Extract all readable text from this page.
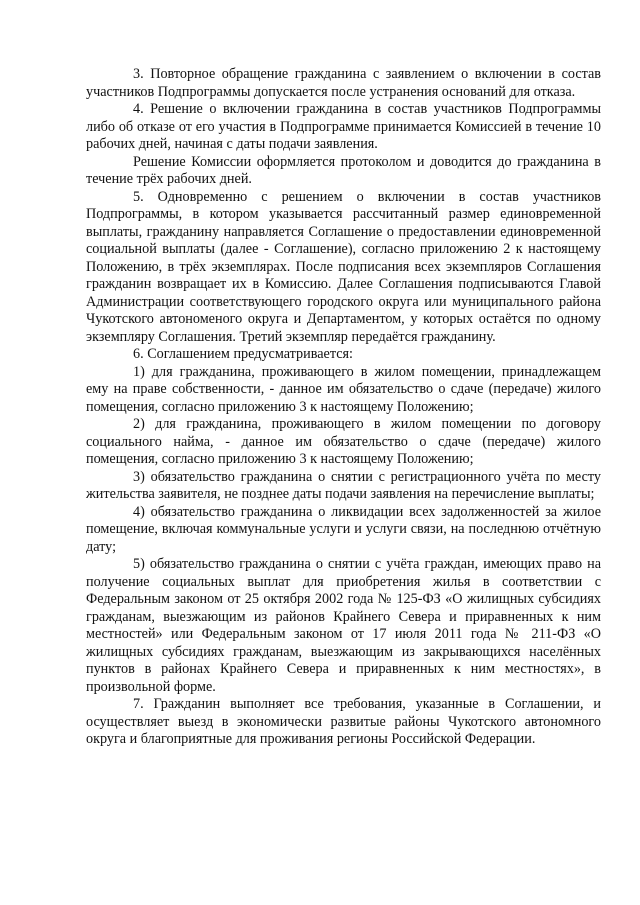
3. Повторное обращение гражданина с заявлением о включении в состав участников Подпрограммы допускается после устранения оснований для отказа.

4. Решение о включении гражданина в состав участников Подпрограммы либо об отказе от его участия в Подпрограмме принимается Комиссией в течение 10 рабочих дней, начиная с даты подачи заявления.

Решение Комиссии оформляется протоколом и доводится до гражданина в течение трёх рабочих дней.

5. Одновременно с решением о включении в состав участников Подпрограммы, в котором указывается рассчитанный размер единовременной выплаты, гражданину направляется Соглашение о предоставлении единовременной социальной выплаты (далее - Соглашение), согласно приложению 2 к настоящему Положению, в трёх экземплярах. После подписания всех экземпляров Соглашения гражданин возвращает их в Комиссию. Далее Соглашения подписываются Главой Администрации соответствующего городского округа или муниципального района Чукотского автономеного округа и Департаментом, у которых остаётся по одному экземпляру Соглашения. Третий экземпляр передаётся гражданину.

6. Соглашением предусматривается:

1) для гражданина, проживающего в жилом помещении, принадлежащем ему на праве собственности, - данное им обязательство о сдаче (передаче) жилого помещения, согласно приложению 3 к настоящему Положению;

2) для гражданина, проживающего в жилом помещении по договору социального найма, - данное им обязательство о сдаче (передаче) жилого помещения, согласно приложению 3 к настоящему Положению;

3) обязательство гражданина о снятии с регистрационного учёта по месту жительства заявителя, не позднее даты подачи заявления на перечисление выплаты;

4) обязательство гражданина о ликвидации всех задолженностей за жилое помещение, включая коммунальные услуги и услуги связи, на последнюю отчётную дату;

5) обязательство гражданина о снятии с учёта граждан, имеющих право на получение социальных выплат для приобретения жилья в соответствии с Федеральным законом от 25 октября 2002 года № 125-ФЗ «О жилищных субсидиях гражданам, выезжающим из районов Крайнего Севера и приравненных к ним местностей» или Федеральным законом от 17 июля 2011 года № 211-ФЗ «О жилищных субсидиях гражданам, выезжающим из закрывающихся населённых пунктов в районах Крайнего Севера и приравненных к ним местностях», в произвольной форме.

7. Гражданин выполняет все требования, указанные в Соглашении, и осуществляет выезд в экономически развитые районы Чукотского автономного округа и благоприятные для проживания регионы Российской Федерации.
